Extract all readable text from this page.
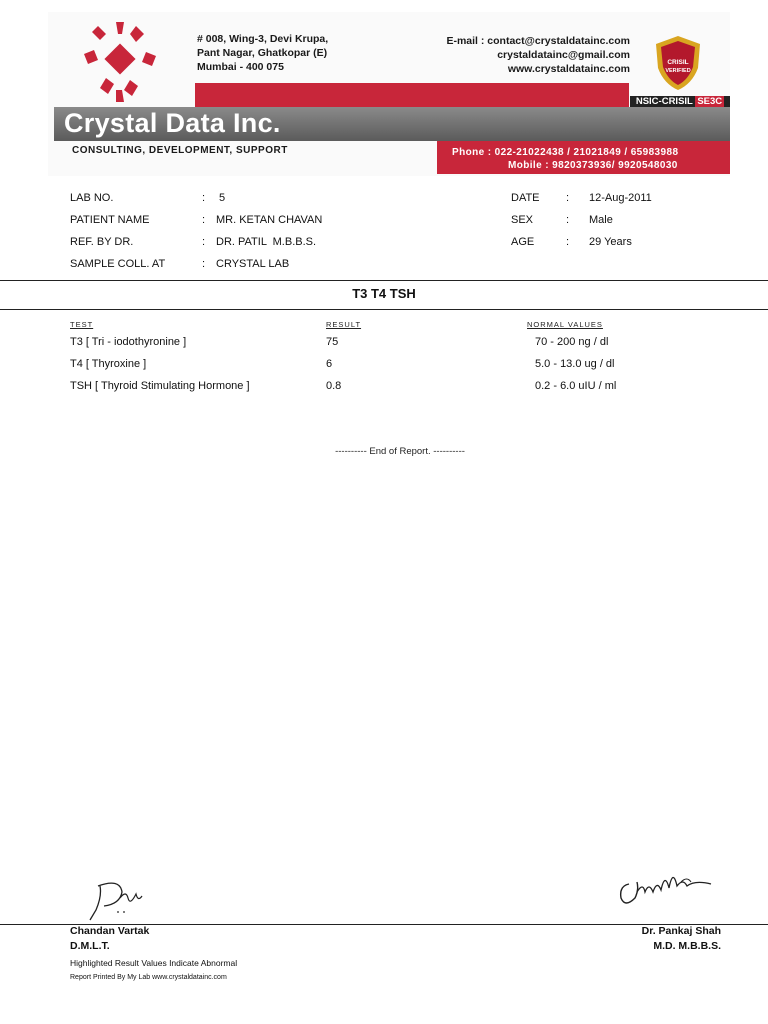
# 008, Wing-3, Devi Krupa,
Pant Nagar, Ghatkopar (E)
Mumbai - 400 075
E-mail : contact@crystaldatainc.com
crystaldatainc@gmail.com
www.crystaldatainc.com
CRISIL
VERIFIED
NSIC-CRISIL SE3C
Crystal Data Inc.
CONSULTING, DEVELOPMENT, SUPPORT	Phone : 022-21022438 / 21021849 / 65983988
Mobile : 9820373936/ 9920548030
LAB NO.	: 5
PATIENT NAME	: MR. KETAN CHAVAN
REF. BY DR.	: DR. PATIL  M.B.B.S.
SAMPLE COLL. AT	: CRYSTAL LAB
DATE : 12-Aug-2011
SEX	: Male
AGE	: 29 Years
T3 T4 TSH
TEST	RESULT	NORMAL VALUES
T3 [ Tri - iodothyronine ]	75	70 - 200 ng / dl
T4 [ Thyroxine ]	6	5.0 - 13.0 ug / dl
TSH [ Thyroid Stimulating Hormone ]	0.8	0.2 - 6.0 uIU / ml
---------- End of Report. ----------
Chandan Vartak
D.M.L.T.
Dr. Pankaj Shah
M.D. M.B.B.S.
Highlighted Result Values Indicate Abnormal
Report Printed By My Lab www.crystaldatainc.com
